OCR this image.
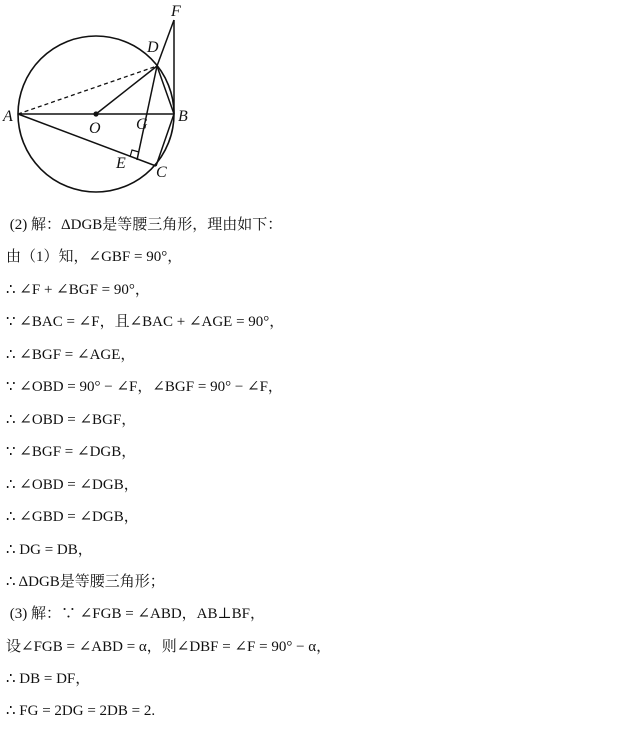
F
D
A
O G B
E
C
(2) 解：ΔDGB是等腰三角形，理由如下：
由（1）知，∠GBF = 90°，
∴ ∠F + ∠BGF = 90°，
∵ ∠BAC = ∠F，且∠BAC + ∠AGE = 90°，
∴ ∠BGF = ∠AGE，
∵ ∠OBD = 90° − ∠F，∠BGF = 90° − ∠F，
∴ ∠OBD = ∠BGF，
∵ ∠BGF = ∠DGB，
∴ ∠OBD = ∠DGB，
∴ ∠GBD = ∠DGB，
∴ DG = DB，
∴ ΔDGB是等腰三角形；
(3) 解：∵ ∠FGB = ∠ABD，AB⊥BF，
设∠FGB = ∠ABD = α，则∠DBF = ∠F = 90° − α，
∴ DB = DF，
∴ FG = 2DG = 2DB = 2.
